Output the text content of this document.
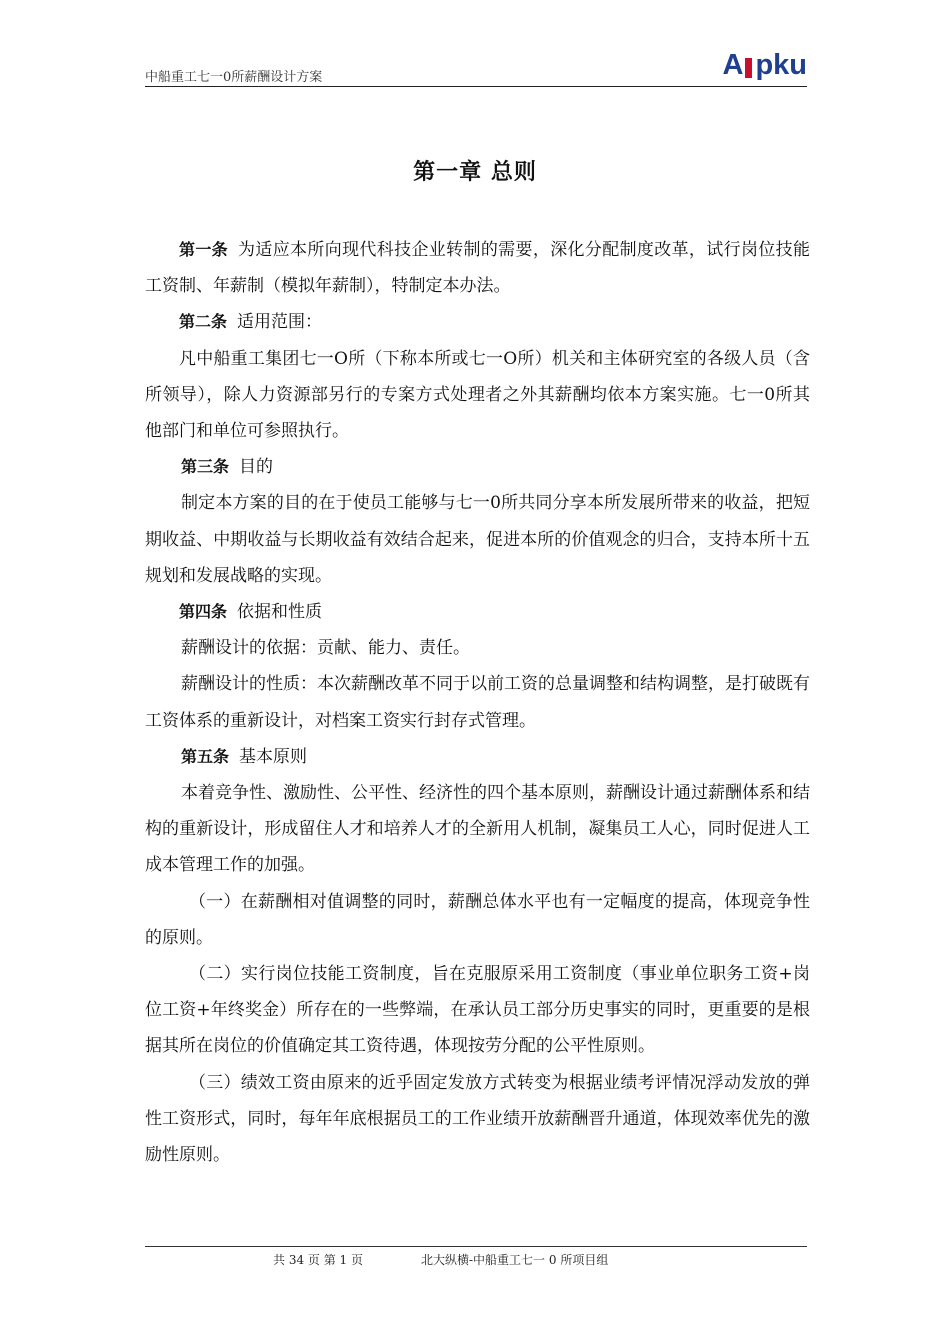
中船重工七一0所薪酬设计方案	A pku
第一章 总则

第一条 为适应本所向现代科技企业转制的需要，深化分配制度改革，试行岗位技能工资制、年薪制（模拟年薪制），特制定本办法。

第二条 适用范围：

凡中船重工集团七一O所（下称本所或七一O所）机关和主体研究室的各级人员（含所领导），除人力资源部另行的专案方式处理者之外其薪酬均依本方案实施。七一0所其他部门和单位可参照执行。

第三条 目的

制定本方案的目的在于使员工能够与七一0所共同分享本所发展所带来的收益，把短期收益、中期收益与长期收益有效结合起来，促进本所的价值观念的归合，支持本所十五规划和发展战略的实现。

第四条 依据和性质

薪酬设计的依据：贡献、能力、责任。

薪酬设计的性质：本次薪酬改革不同于以前工资的总量调整和结构调整，是打破既有工资体系的重新设计，对档案工资实行封存式管理。

第五条 基本原则

本着竞争性、激励性、公平性、经济性的四个基本原则，薪酬设计通过薪酬体系和结构的重新设计，形成留住人才和培养人才的全新用人机制，凝集员工人心，同时促进人工成本管理工作的加强。

（一）在薪酬相对值调整的同时，薪酬总体水平也有一定幅度的提高，体现竞争性的原则。

（二）实行岗位技能工资制度，旨在克服原采用工资制度（事业单位职务工资+岗位工资+年终奖金）所存在的一些弊端，在承认员工部分历史事实的同时，更重要的是根据其所在岗位的价值确定其工资待遇，体现按劳分配的公平性原则。

（三）绩效工资由原来的近乎固定发放方式转变为根据业绩考评情况浮动发放的弹性工资形式，同时，每年年底根据员工的工作业绩开放薪酬晋升通道，体现效率优先的激励性原则。

共 34 页 第 1 页	北大纵横-中船重工七一 0 所项目组
